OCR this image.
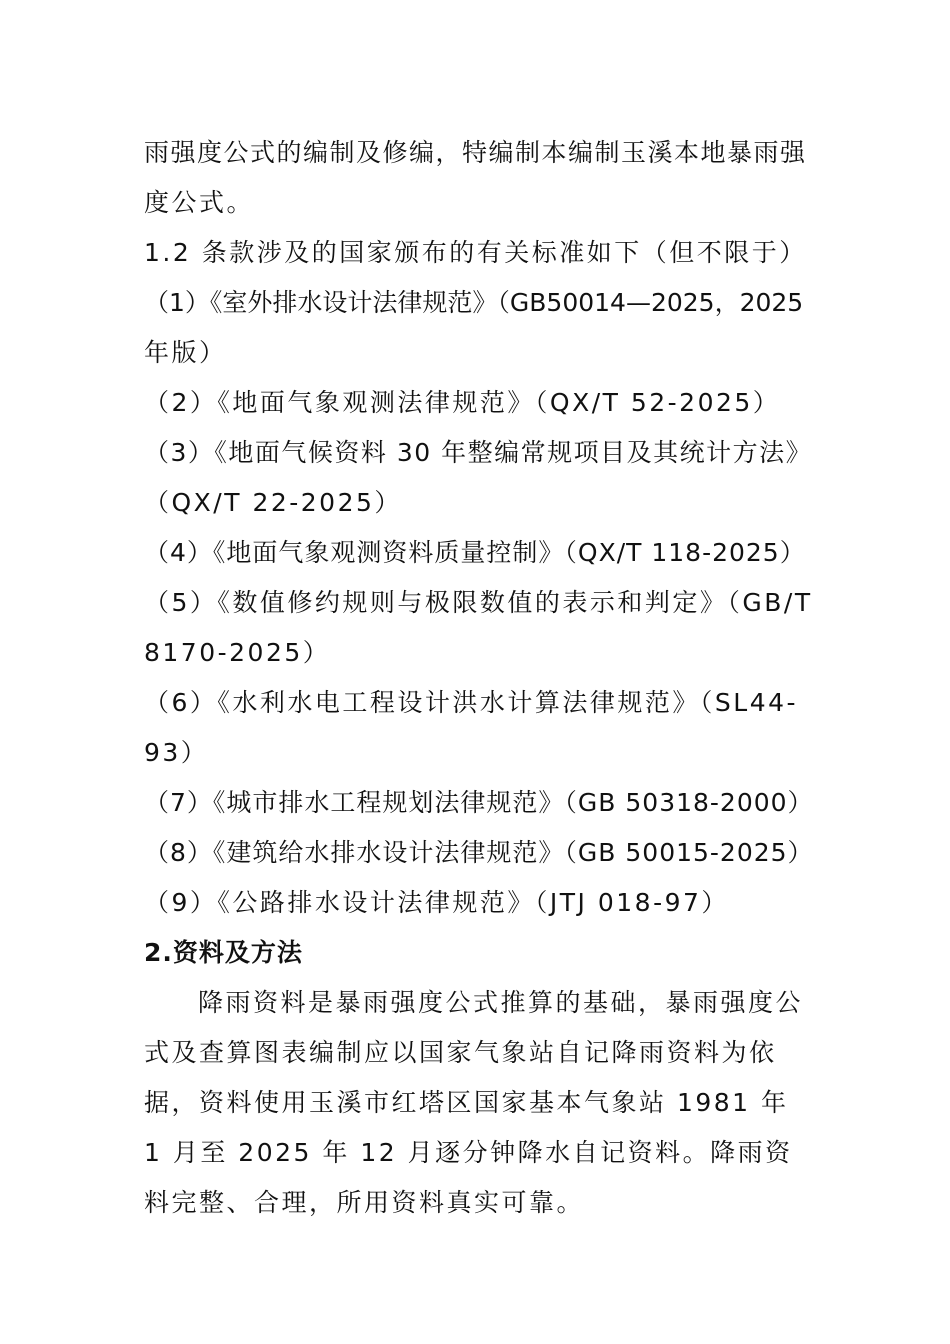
雨强度公式的编制及修编，特编制本编制玉溪本地暴雨强
度公式。
1.2 条款涉及的国家颁布的有关标准如下（但不限于）
（1）《室外排水设计法律规范》（GB50014—2025，2025
年版）
（2）《地面气象观测法律规范》（QX/T 52-2025）
（3）《地面气候资料 30 年整编常规项目及其统计方法》
（QX/T 22-2025）
（4）《地面气象观测资料质量控制》（QX/T 118-2025）
（5）《数值修约规则与极限数值的表示和判定》（GB/T
8170-2025）
（6）《水利水电工程设计洪水计算法律规范》（SL44-
93）
（7）《城市排水工程规划法律规范》（GB 50318-2000）
（8）《建筑给水排水设计法律规范》（GB 50015-2025）
（9）《公路排水设计法律规范》（JTJ 018-97）
2.资料及方法
降雨资料是暴雨强度公式推算的基础，暴雨强度公式及查算图表编制应以国家气象站自记降雨资料为依据，资料使用玉溪市红塔区国家基本气象站 1981 年 1 月至 2025 年 12 月逐分钟降水自记资料。降雨资料完整、合理，所用资料真实可靠。
